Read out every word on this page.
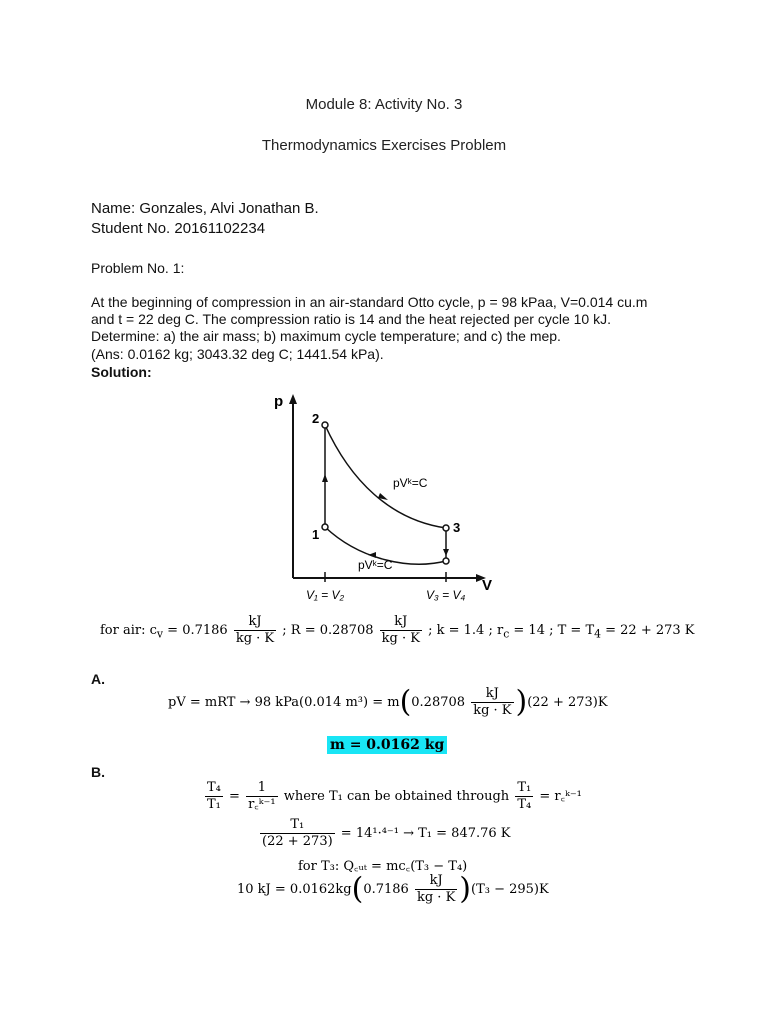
Module 8: Activity No. 3
Thermodynamics Exercises Problem
Name: Gonzales, Alvi Jonathan B.
Student No. 20161102234
Problem No. 1:
At the beginning of compression in an air-standard Otto cycle, p = 98 kPaa, V=0.014 cu.m
and t = 22 deg C. The compression ratio is 14 and the heat rejected per cycle 10 kJ.
Determine: a) the air mass; b) maximum cycle temperature; and c) the mep.
(Ans: 0.0162 kg; 3043.32 deg C; 1441.54 kPa).
Solution:
p
V
V₁ = V₂	V₃ = V₄
2
1	3
pVᵏ=C
pVᵏ=C
for air: $c_v = 0.7186 \frac{kJ}{kg \cdot K}$ ; $R = 0.28708 \frac{kJ}{kg \cdot K}$ ; k = 1.4 ; $r_c = 14$ ; $T = T_4 = 22 + 273$ K
A.
pV = mRT → 98 kPa(0.014 $m^3) = m(0.28708 \frac{kJ}{kg \cdot K} )(22 + 273)K$
m = 0.0162 kg
B.
$\frac{\text{T₄}}{\text{T₁}} = \frac{1}{\text{r꜀ᵏ⁻¹}}$ where T₁ can be obtained through $\frac{\text{T₁}}{\text{T₄}}$ = r꜀ᵏ⁻¹
$\frac{\text{T₁}}{(22 + 273)} = 14^1\cdot^{4-1} \to T_1 = 847.76$ K
for T₃: Q꜀ᵤₜ = mc꜀(T₃ − T₄)
10 kJ = $0.0162kg(0.7186 \frac{kJ}{kg \cdot K} )(T_3 - 295)K$
